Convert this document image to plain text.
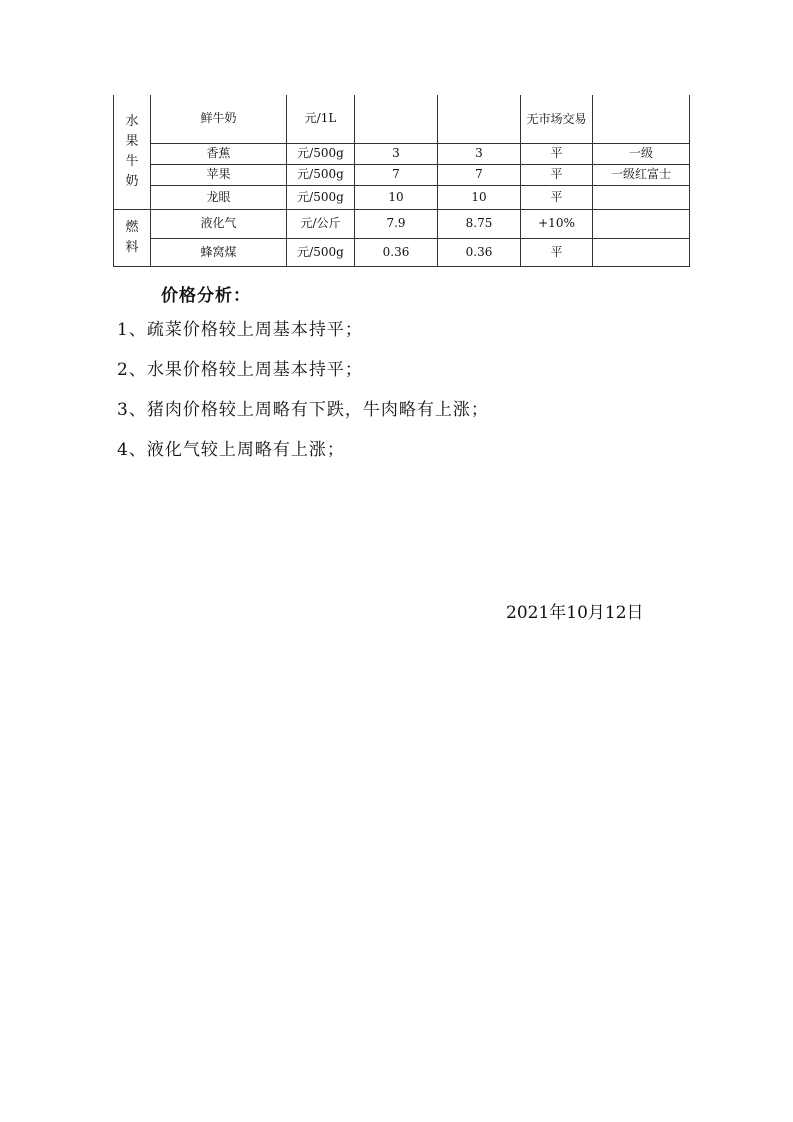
水果牛奶	鲜牛奶	元/1L			无市场交易	

	香蕉	元/500g	3	3	平	一级
	苹果	元/500g	7	7	平	一级红富士
	龙眼	元/500g	10	10	平	

燃料	液化气	元/公斤	7.9	8.75	+10%	
	蜂窝煤	元/500g	0.36	0.36	平	
价格分析：
1、疏菜价格较上周基本持平；
2、水果价格较上周基本持平；
3、猪肉价格较上周略有下跌，牛肉略有上涨；
4、液化气较上周略有上涨；
2021年10月12日
